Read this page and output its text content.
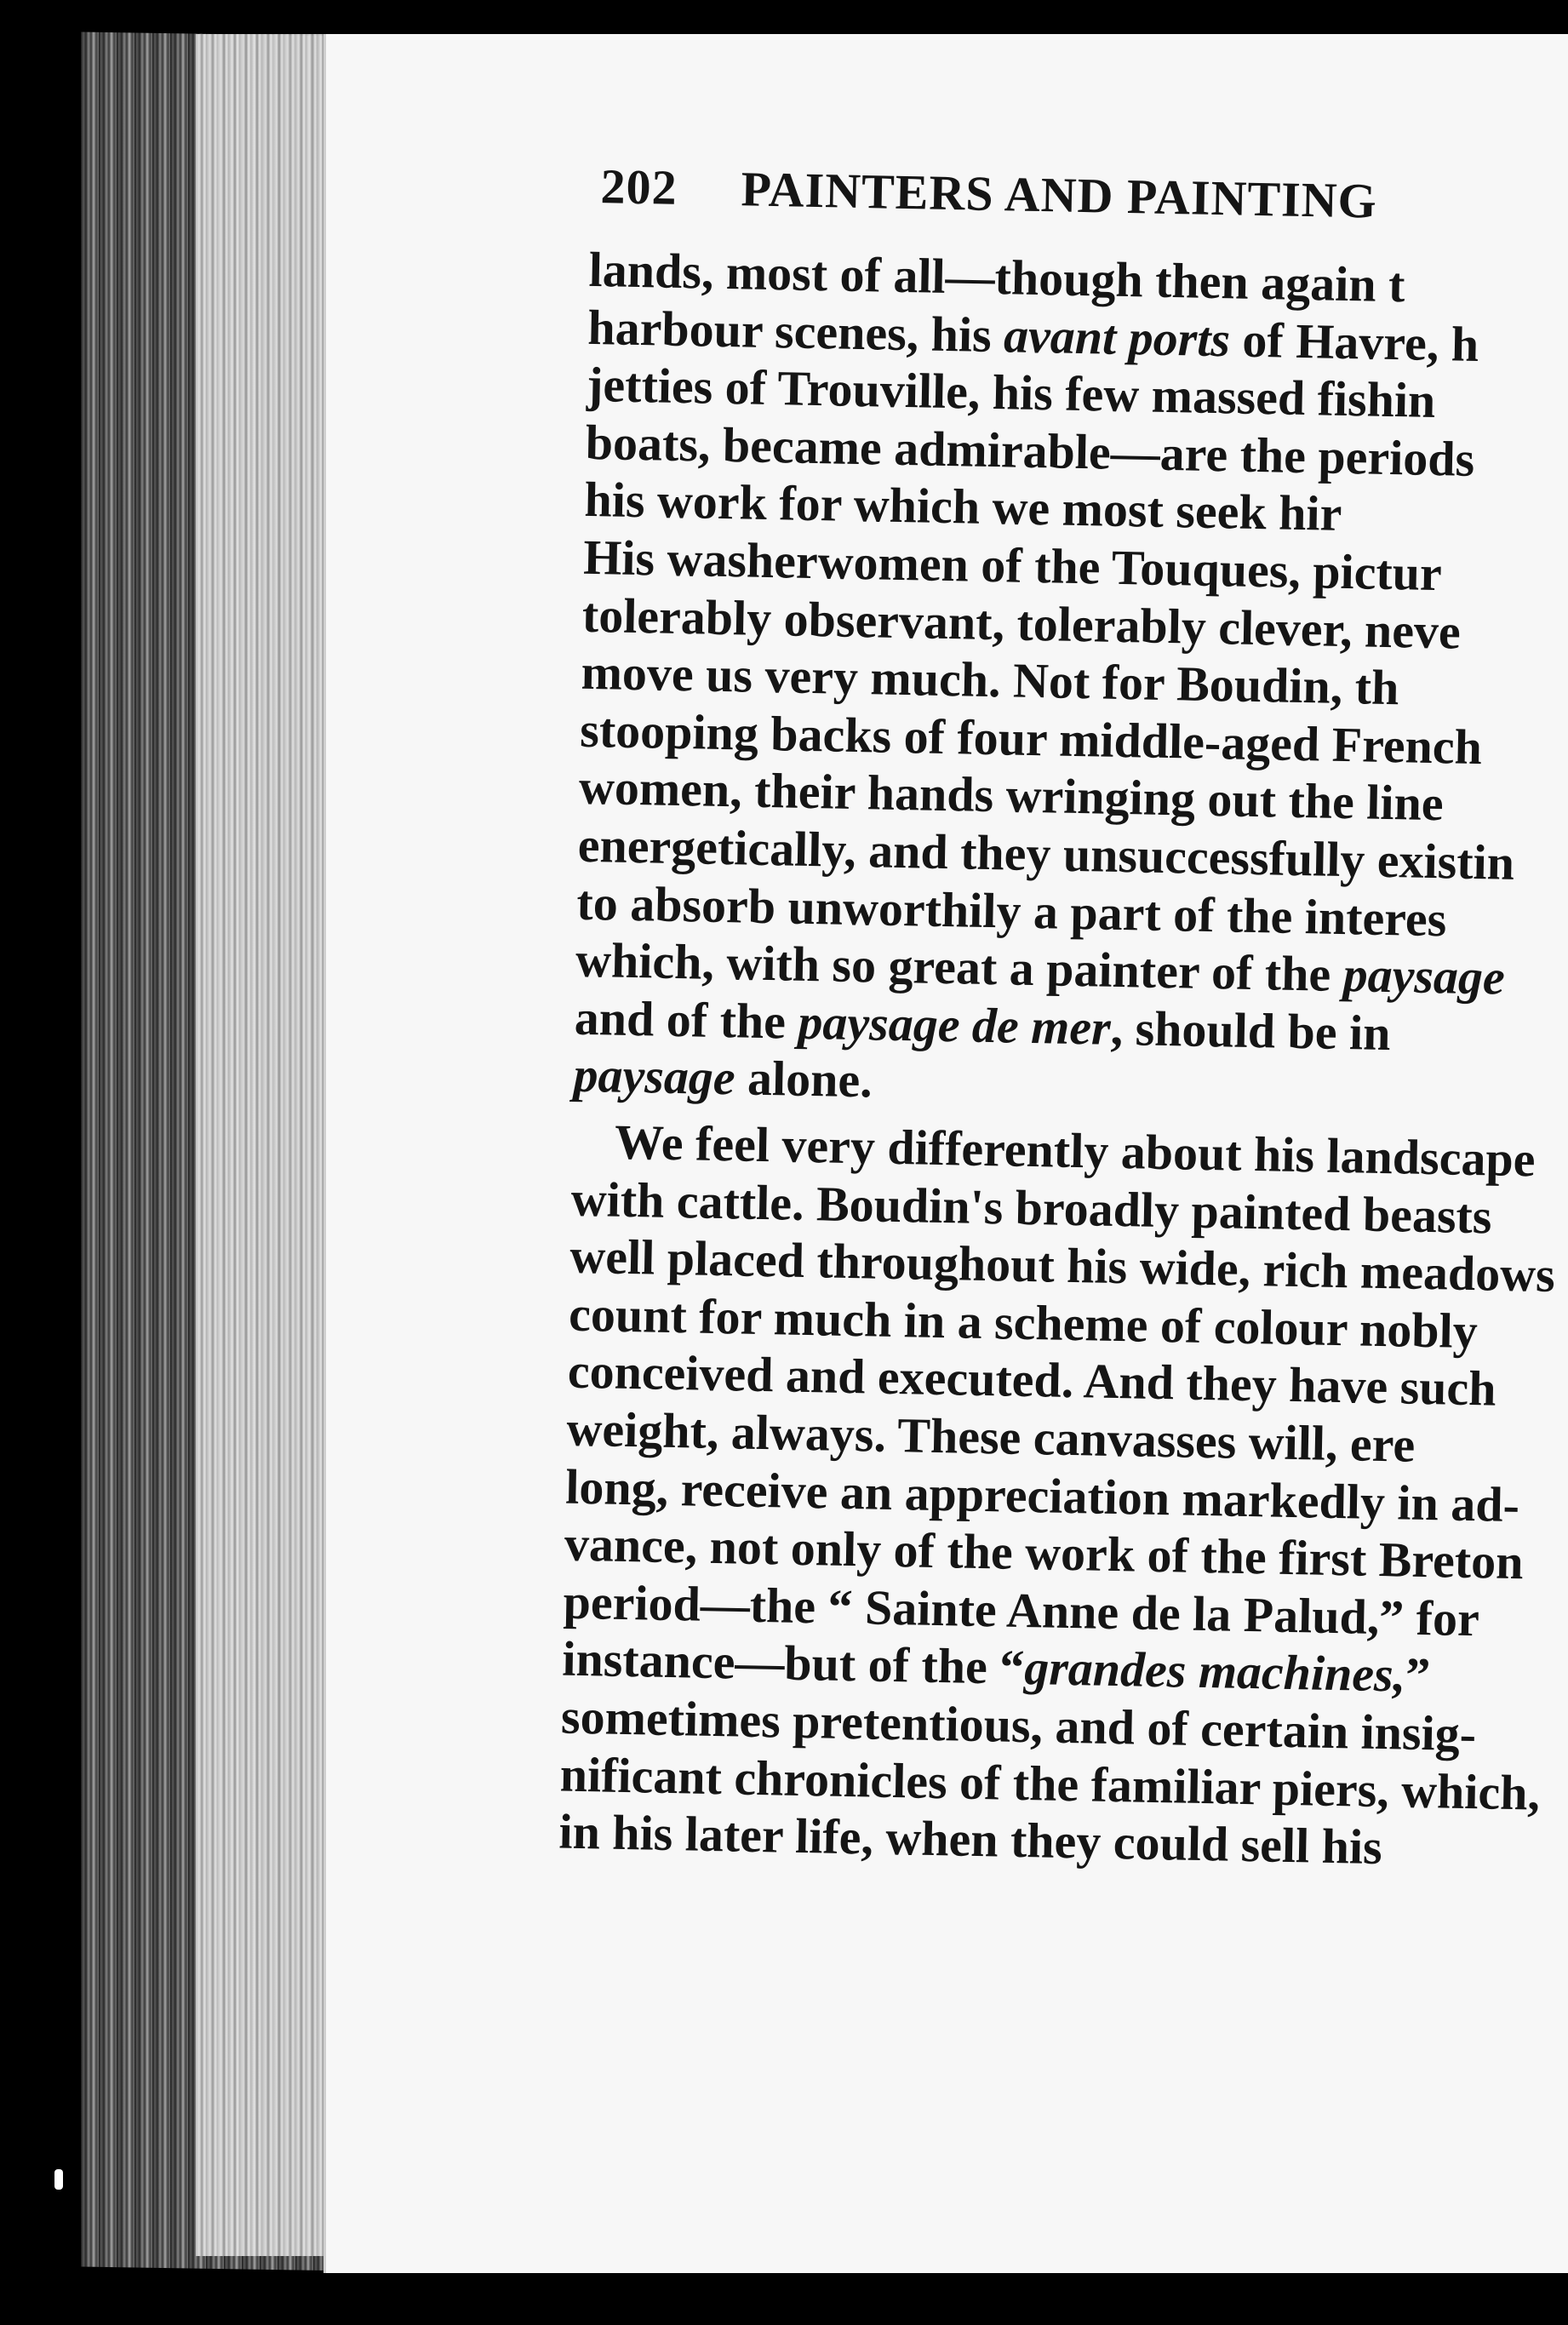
202 PAINTERS AND PAINTING
lands, most of all—though then again t
harbour scenes, his avant ports of Havre, h
jetties of Trouville, his few massed fishin
boats, became admirable—are the periods
his work for which we most seek hir
His washerwomen of the Touques, pictur
tolerably observant, tolerably clever, neve
move us very much. Not for Boudin, th
stooping backs of four middle-aged French
women, their hands wringing out the line
energetically, and they unsuccessfully existin
to absorb unworthily a part of the interes
which, with so great a painter of the paysage
and of the paysage de mer, should be in
paysage alone.
We feel very differently about his landscape
with cattle. Boudin's broadly painted beasts
well placed throughout his wide, rich meadows
count for much in a scheme of colour nobly
conceived and executed. And they have such
weight, always. These canvasses will, ere
long, receive an appreciation markedly in ad-
vance, not only of the work of the first Breton
period—the “ Sainte Anne de la Palud,” for
instance—but of the “grandes machines,”
sometimes pretentious, and of certain insig-
nificant chronicles of the familiar piers, which,
in his later life, when they could sell his
